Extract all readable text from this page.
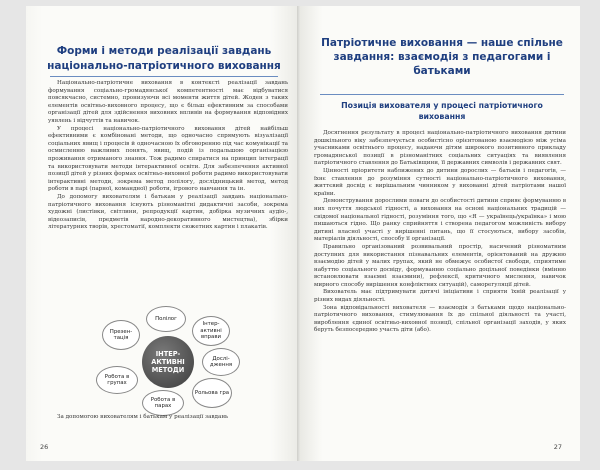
Форми і методи реалізації завдань національно-патріотичного виховання

Національно-патріотичне виховання в контексті реалізації завдань формування соціально-громадянської компетентності має відбуватися повсякчасно, системно, пронизуючи всі моменти життя дітей. Жоден з таких елементів освітньо-виховного процесу, що є більш ефективним за способами організації дітей для здійснення виховних впливів на формування відповідних уявлень і відчуттів та навичок.

У процесі національно-патріотичного виховання дітей найбільш ефективними є комбіновані методи, що одночасно спрямують візуалізації соціальних явищ і процесів й одночасною їх обговоренню під час комунікації та осмисленню важливих понять, явищ, подій із подальшою організацією проживання отриманого знання. Тож радимо спиратися на принцип інтеграції та використовувати методи інтерактивної освіти. Для забезпечення активної позиції дітей у різних формах освітньо-виховної роботи радимо використовувати інтерактивні методи, зокрема метод полілогу, дослідницький метод, метод роботи в парі (парної, командної) роботи, ігрового навчання та ін.

До допомогу вихователям і батькам у реалізації завдань національно-патріотичного виховання існують різноманітні дидактичні засоби, зокрема художні (листівки, світлини, репродукції картин, добірка музичних аудіо-, відеозаписів, предметів народно-декоративного мистецтва), збірки літературних творів, хрестоматії, комплекти сюжетних картин і плакатів.

ІНТЕР-АКТИВНІ МЕТОДИ
Полілог
Інтер-активні вправи
Дослі-дження
Рольова гра
Робота в парах
Робота в групах
Презен-тація

За допомогою вихователям і батькам у реалізації завдань

26
Патріотичне виховання — наше спільне завдання: взаємодія з педагогами і батьками
Позиція вихователя у процесі патріотичного виховання

Досягнення результату в процесі національно-патріотичного виховання дитини дошкільного віку забезпечується особистісно орієнтованою взаємодією між усіма учасниками освітнього процесу, надаючи дітям широкого позитивного прикладу громадянської позиції в різноманітних соціальних ситуаціях та виявлення патріотичного ставлення до Батьківщини, її державних символів і державних свят.

Цінності пріоритети наближених до дитини дорослих — батьків і педагогів, — їхнє ставлення до розуміння сутності національно-патріотичного виховання, життєвий досвід є вирішальним чинником у вихованні дітей патріотами нашої країни.

Демонстрування дорослими поваги до особистості дитини сприяє формуванню в них почуття людської гідності, а виховання на основі національних традицій — свідомої національної гідності, розуміння того, що «Я — українець/українка» і мою пишаються гідно. Що ранку сприйняття і створена педагогом можливість вибору дитині власної участі у вирішенні питань, що її стосуються, вибору засобів, матеріалів діяльності, способу її організації.

Правильно організований розвивальний простір, насичений різноматним доступних для використання пізнавальних елементів, орієнтований на дружню взаємодію дітей у малих групах, який не обмежує особистої свободи, сприятиме набуттю соціального досвіду, формуванню соціально доцільної поведінки (вмінню встановлювати взаємні взаємини), рефлексії, критичного мислення, навичок мирного способу вирішення конфліктних ситуацій), саморегуляції дітей.

Вихователь має підтримувати дитячі ініціативи і сприяти їхній реалізації у різних видах діяльності.

Зона відповідальності вихователя — взаємодія з батьками щодо національно-патріотичного виховання, стимулювання їх до спільної діяльності та участі, вироблення єдиної освітньо-виховної позиції, спільної організації заходів, у яких беруть безпосередню участь діти (або).

27
